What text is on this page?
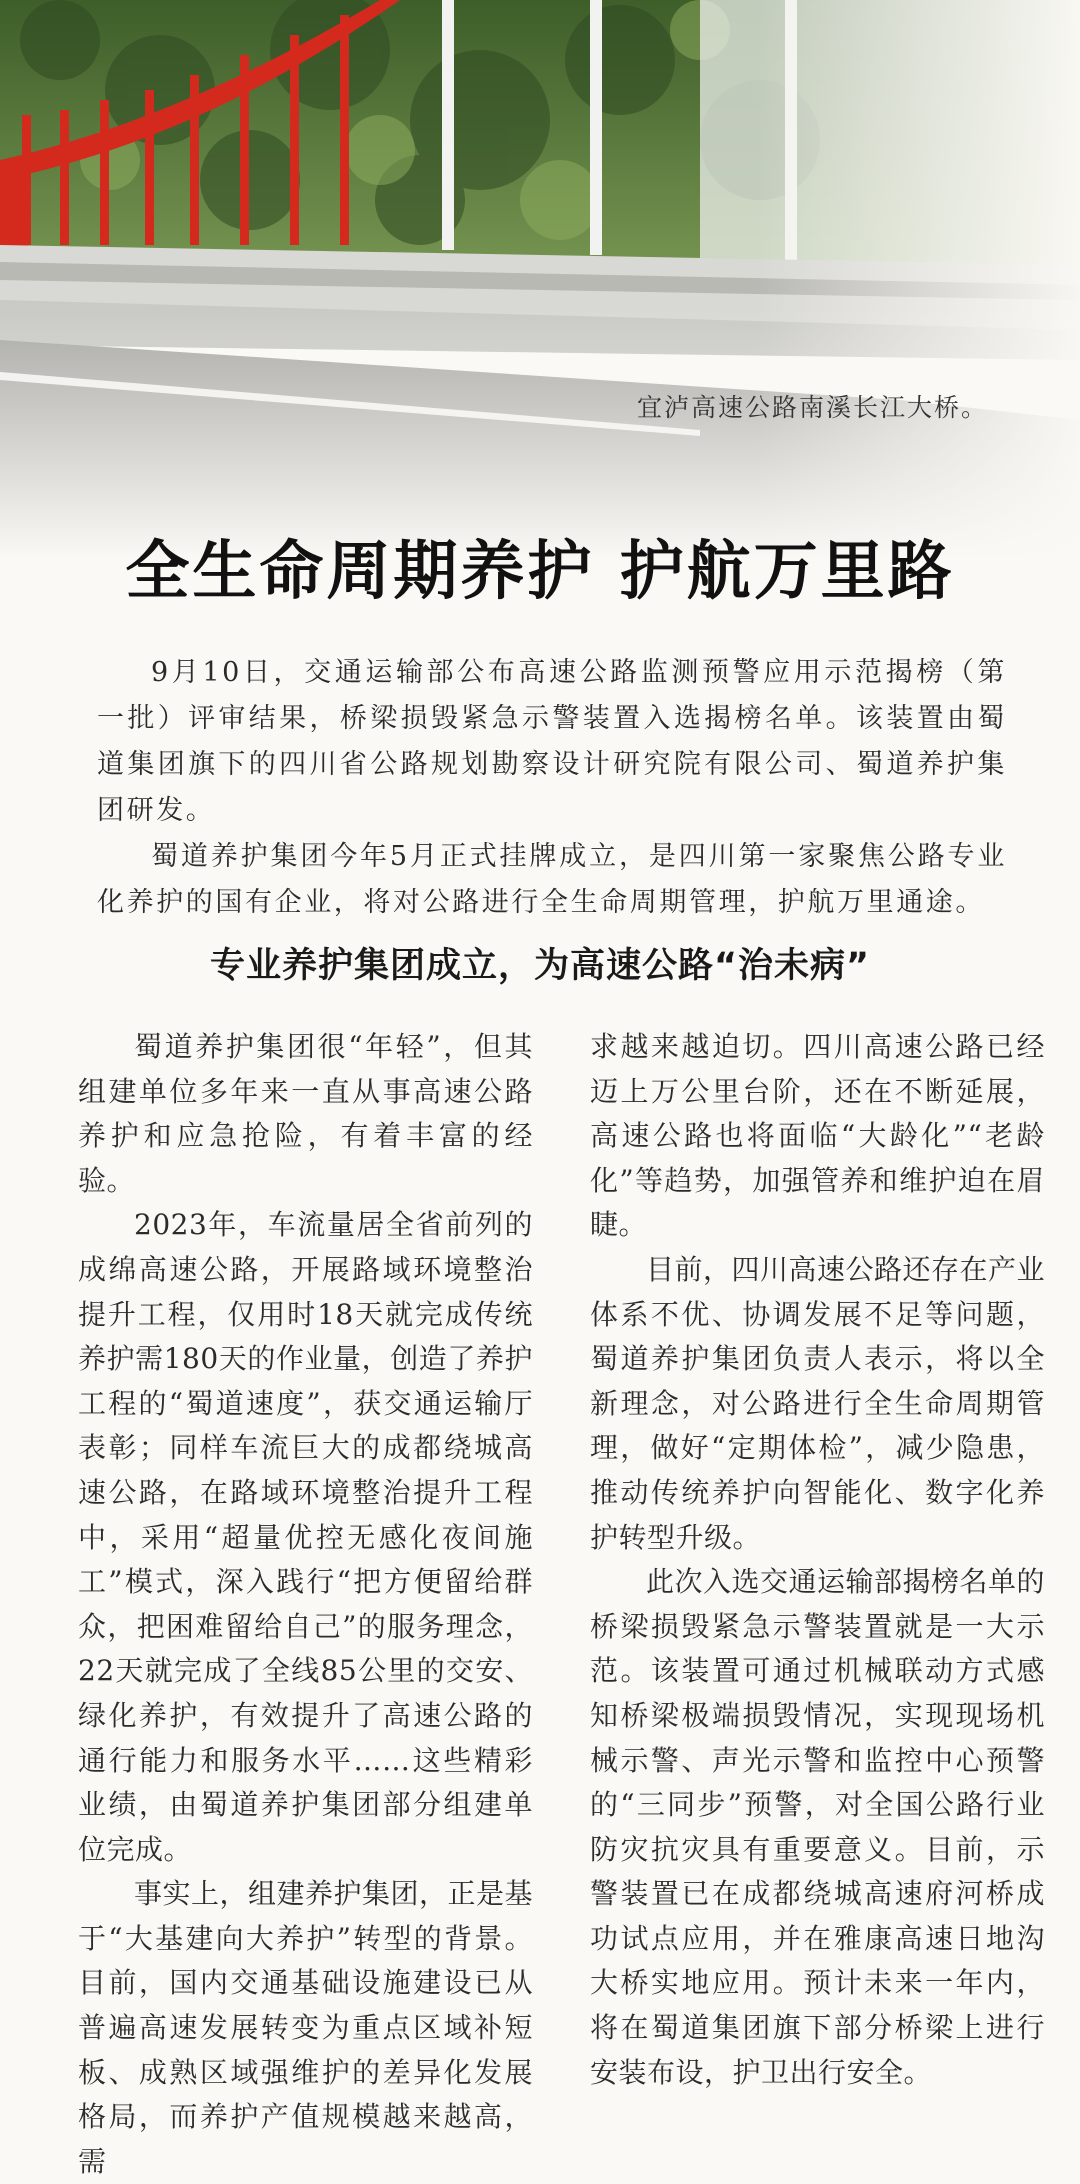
宜泸高速公路南溪长江大桥。
全生命周期养护 护航万里路

9月10日，交通运输部公布高速公路监测预警应用示范揭榜（第一批）评审结果，桥梁损毁紧急示警装置入选揭榜名单。该装置由蜀道集团旗下的四川省公路规划勘察设计研究院有限公司、蜀道养护集团研发。

蜀道养护集团今年5月正式挂牌成立，是四川第一家聚焦公路专业化养护的国有企业，将对公路进行全生命周期管理，护航万里通途。

专业养护集团成立，为高速公路“治未病”

蜀道养护集团很“年轻”，但其组建单位多年来一直从事高速公路养护和应急抢险，有着丰富的经验。

2023年，车流量居全省前列的成绵高速公路，开展路域环境整治提升工程，仅用时18天就完成传统养护需180天的作业量，创造了养护工程的“蜀道速度”，获交通运输厅表彰；同样车流巨大的成都绕城高速公路，在路域环境整治提升工程中，采用“超量优控无感化夜间施工”模式，深入践行“把方便留给群众，把困难留给自己”的服务理念，22天就完成了全线85公里的交安、绿化养护，有效提升了高速公路的通行能力和服务水平……这些精彩业绩，由蜀道养护集团部分组建单位完成。

事实上，组建养护集团，正是基于“大基建向大养护”转型的背景。目前，国内交通基础设施建设已从普遍高速发展转变为重点区域补短板、成熟区域强维护的差异化发展格局，而养护产值规模越来越高，需

求越来越迫切。四川高速公路已经迈上万公里台阶，还在不断延展，高速公路也将面临“大龄化”“老龄化”等趋势，加强管养和维护迫在眉睫。

目前，四川高速公路还存在产业体系不优、协调发展不足等问题，蜀道养护集团负责人表示，将以全新理念，对公路进行全生命周期管理，做好“定期体检”，减少隐患，推动传统养护向智能化、数字化养护转型升级。

此次入选交通运输部揭榜名单的桥梁损毁紧急示警装置就是一大示范。该装置可通过机械联动方式感知桥梁极端损毁情况，实现现场机械示警、声光示警和监控中心预警的“三同步”预警，对全国公路行业防灾抗灾具有重要意义。目前，示警装置已在成都绕城高速府河桥成功试点应用，并在雅康高速日地沟大桥实地应用。预计未来一年内，将在蜀道集团旗下部分桥梁上进行安装布设，护卫出行安全。
